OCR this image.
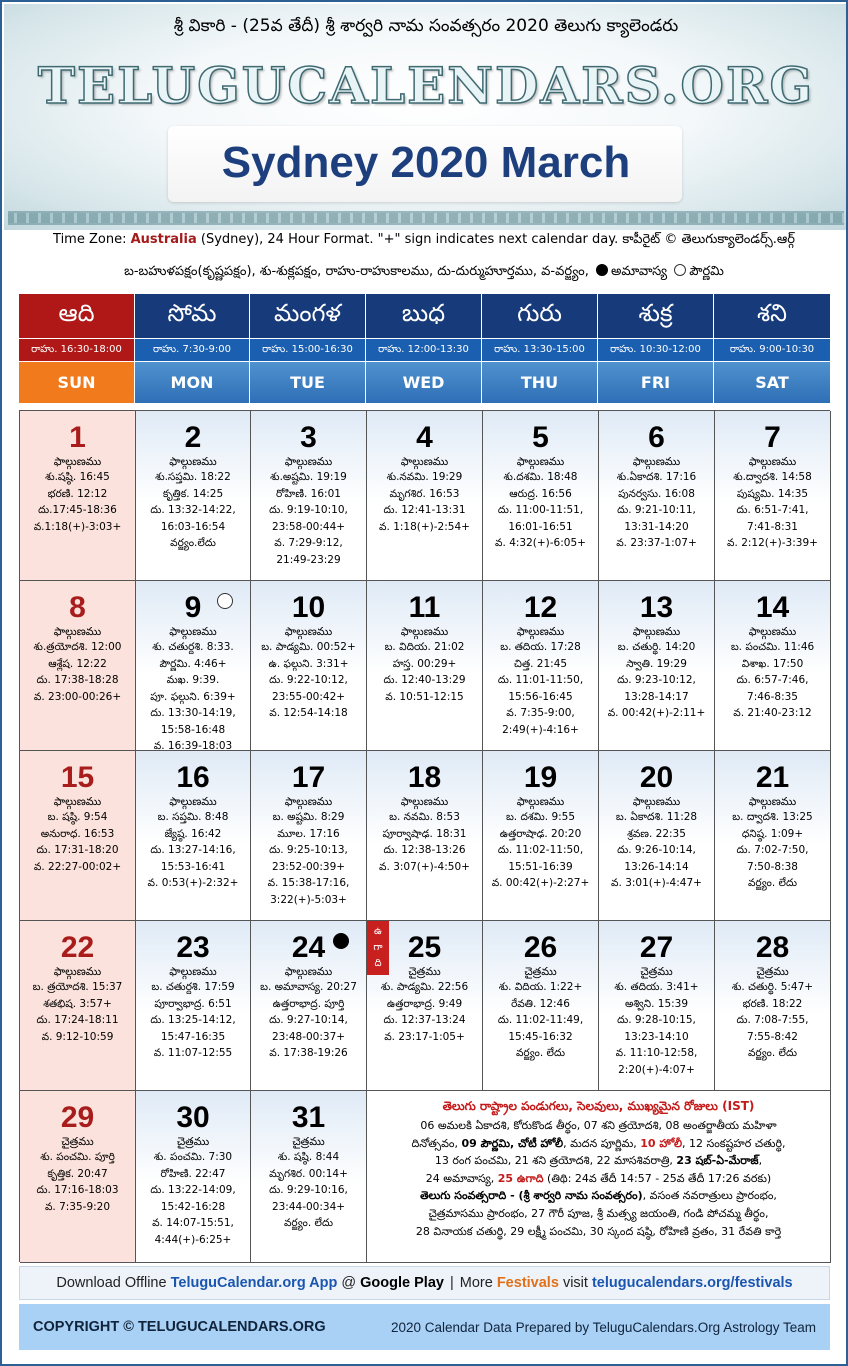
శ్రీ వికారి - (25వ తేదీ) శ్రీ శార్వరి నామ సంవత్సరం 2020 తెలుగు క్యాలెండరు
TELUGUCALENDARS.ORG
Sydney 2020 March
Time Zone: Australia (Sydney), 24 Hour Format. "+" sign indicates next calendar day. కాపీరైట్ © తెలుగుక్యాలెండర్స్.ఆర్గ్
బ-బహుళపక్షం(కృష్ణపక్షం), శు-శుక్లపక్షం, రాహు-రాహుకాలము, దు-దుర్ముహూర్తము, వ-వర్జ్యం, అమావాస్య పౌర్ణమి
ఆది
రాహు. 16:30-18:00
SUN
సోమ
రాహు. 7:30-9:00
MON
మంగళ
రాహు. 15:00-16:30
TUE
బుధ
రాహు. 12:00-13:30
WED
గురు
రాహు. 13:30-15:00
THU
శుక్ర
రాహు. 10:30-12:00
FRI
శని
రాహు. 9:00-10:30
SAT
1
ఫాల్గుణము
శు.షష్ఠి. 16:45
భరణి. 12:12
దు.17:45-18:36
వ.1:18(+)-3:03+
2
ఫాల్గుణము
శు.సప్తమి. 18:22
కృత్తిక. 14:25
దు. 13:32-14:22,
16:03-16:54
వర్జ్యం.లేదు
3
ఫాల్గుణము
శు.అష్టమి. 19:19
రోహిణి. 16:01
దు. 9:19-10:10,
23:58-00:44+
వ. 7:29-9:12,
21:49-23:29
4
ఫాల్గుణము
శు.నవమి. 19:29
మృగశిర. 16:53
దు. 12:41-13:31
వ. 1:18(+)-2:54+
5
ఫాల్గుణము
శు.దశమి. 18:48
ఆరుద్ర. 16:56
దు. 11:00-11:51,
16:01-16:51
వ. 4:32(+)-6:05+
6
ఫాల్గుణము
శు.ఏకాదశి. 17:16
పునర్వసు. 16:08
దు. 9:21-10:11,
13:31-14:20
వ. 23:37-1:07+
7
ఫాల్గుణము
శు.ద్వాదశి. 14:58
పుష్యమి. 14:35
దు. 6:51-7:41,
7:41-8:31
వ. 2:12(+)-3:39+
8
ఫాల్గుణము
శు.త్రయోదశి. 12:00
ఆశ్లేష. 12:22
దు. 17:38-18:28
వ. 23:00-00:26+
9
ఫాల్గుణము
శు. చతుర్దశి. 8:33.
పౌర్ణమి. 4:46+
మఖ. 9:39.
పూ. ఫల్గుని. 6:39+
దు. 13:30-14:19,
15:58-16:48
వ. 16:39-18:03
10
ఫాల్గుణము
బ. పాడ్యమి. 00:52+
ఉ. ఫల్గుని. 3:31+
దు. 9:22-10:12,
23:55-00:42+
వ. 12:54-14:18
11
ఫాల్గుణము
బ. విదియ. 21:02
హస్త. 00:29+
దు. 12:40-13:29
వ. 10:51-12:15
12
ఫాల్గుణము
బ. తదియ. 17:28
చిత్త. 21:45
దు. 11:01-11:50,
15:56-16:45
వ. 7:35-9:00,
2:49(+)-4:16+
13
ఫాల్గుణము
బ. చతుర్థి. 14:20
స్వాతి. 19:29
దు. 9:23-10:12,
13:28-14:17
వ. 00:42(+)-2:11+
14
ఫాల్గుణము
బ. పంచమి. 11:46
విశాఖ. 17:50
దు. 6:57-7:46,
7:46-8:35
వ. 21:40-23:12
15
ఫాల్గుణము
బ. షష్ఠి. 9:54
అనురాధ. 16:53
దు. 17:31-18:20
వ. 22:27-00:02+
16
ఫాల్గుణము
బ. సప్తమి. 8:48
జ్యేష్ఠ. 16:42
దు. 13:27-14:16,
15:53-16:41
వ. 0:53(+)-2:32+
17
ఫాల్గుణము
బ. అష్టమి. 8:29
మూల. 17:16
దు. 9:25-10:13,
23:52-00:39+
వ. 15:38-17:16,
3:22(+)-5:03+
18
ఫాల్గుణము
బ. నవమి. 8:53
పూర్వాషాఢ. 18:31
దు. 12:38-13:26
వ. 3:07(+)-4:50+
19
ఫాల్గుణము
బ. దశమి. 9:55
ఉత్తరాషాఢ. 20:20
దు. 11:02-11:50,
15:51-16:39
వ. 00:42(+)-2:27+
20
ఫాల్గుణము
బ. ఏకాదశి. 11:28
శ్రవణ. 22:35
దు. 9:26-10:14,
13:26-14:14
వ. 3:01(+)-4:47+
21
ఫాల్గుణము
బ. ద్వాదశి. 13:25
ధనిష్ఠ. 1:09+
దు. 7:02-7:50,
7:50-8:38
వర్జ్యం. లేదు
22
ఫాల్గుణము
బ. త్రయోదశి. 15:37
శతభిష. 3:57+
దు. 17:24-18:11
వ. 9:12-10:59
23
ఫాల్గుణము
బ. చతుర్దశి. 17:59
పూర్వాభాద్ర. 6:51
దు. 13:25-14:12,
15:47-16:35
వ. 11:07-12:55
24
ఫాల్గుణము
బ. అమావాస్య. 20:27
ఉత్తరాభాద్ర. పూర్తి
దు. 9:27-10:14,
23:48-00:37+
వ. 17:38-19:26
25
చైత్రము
శు. పాడ్యమి. 22:56
ఉత్తరాభాద్ర. 9:49
దు. 12:37-13:24
వ. 23:17-1:05+
ఉ
గా
ది	26
చైత్రము
శు. విదియ. 1:22+
రేవతి. 12:46
దు. 11:02-11:49,
15:45-16:32
వర్జ్యం. లేదు
27
చైత్రము
శు. తదియ. 3:41+
అశ్విని. 15:39
దు. 9:28-10:15,
13:23-14:10
వ. 11:10-12:58,
2:20(+)-4:07+
28
చైత్రము
శు. చతుర్థి. 5:47+
భరణి. 18:22
దు. 7:08-7:55,
7:55-8:42
వర్జ్యం. లేదు
29
చైత్రము
శు. పంచమి. పూర్తి
కృత్తిక. 20:47
దు. 17:16-18:03
వ. 7:35-9:20
30
చైత్రము
శు. పంచమి. 7:30
రోహిణి. 22:47
దు. 13:22-14:09,
15:42-16:28
వ. 14:07-15:51,
4:44(+)-6:25+
31
చైత్రము
శు. షష్ఠి. 8:44
మృగశిర. 00:14+
దు. 9:29-10:16,
23:44-00:34+
వర్జ్యం. లేదు
తెలుగు రాష్ట్రాల పండుగలు, సెలవులు, ముఖ్యమైన రోజులు (IST)
06 అమలకి ఏకాదశి, కోరుకొండ తీర్థం, 07 శని త్రయోదశి, 08 అంతర్జాతీయ మహిళా
దినోత్సవం, 09 పౌర్ణమి, చోటీ హోలీ, మదన పూర్ణిమ, 10 హోలీ, 12 సంకష్టహర చతుర్థి,
13 రంగ పంచమి, 21 శని త్రయోదశి, 22 మాసశివరాత్రి, 23 షబ్-ఏ-మేరాజ్,
24 అమావాస్య, 25 ఉగాది (తిథి: 24వ తేదీ 14:57 - 25వ తేదీ 17:26 వరకు)
తెలుగు సంవత్సరాది - (శ్రీ శార్వరి నామ సంవత్సరం), వసంత నవరాత్రులు ప్రారంభం,
చైత్రమాసము ప్రారంభం, 27 గౌరీ పూజ, శ్రీ మత్స్య జయంతి, గండి పోచమ్మ తీర్థం,
28 వినాయక చతుర్థి, 29 లక్ష్మీ పంచమి, 30 స్కంద షష్ఠి, రోహిణి వ్రతం, 31 రేవతి కార్తె
Download Offline
TeluguCalendar.org App
@
Google Play | More
Festivals
visit
telugucalendars.org/festivals
COPYRIGHT © TELUGUCALENDARS.ORG	2020 Calendar Data Prepared by TeluguCalendars.Org Astrology Team
